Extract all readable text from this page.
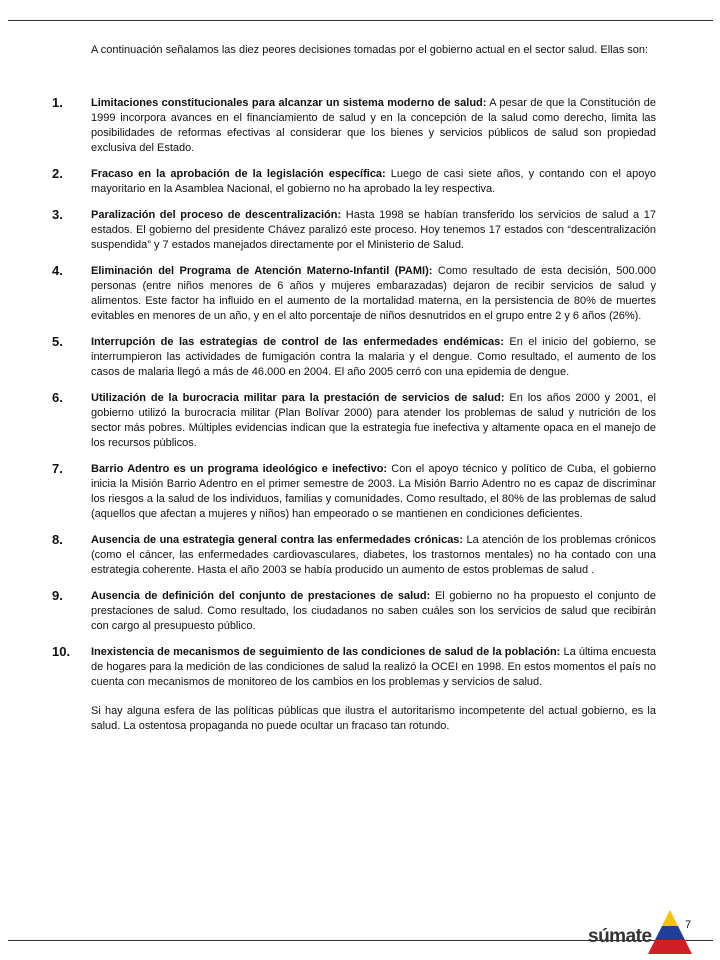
A continuación señalamos las diez peores decisiones tomadas por el gobierno actual en el sector salud. Ellas son:

1.	Limitaciones constitucionales para alcanzar un sistema moderno de salud: A pesar de que la Constitución de 1999 incorpora avances en el financiamiento de salud y en la concepción de la salud como derecho, limita las posibilidades de reformas efectivas al considerar que los bienes y servicios públicos de salud son propiedad exclusiva del Estado.

2.	Fracaso en la aprobación de la legislación específica: Luego de casi siete años, y contando con el apoyo mayoritario en la Asamblea Nacional, el gobierno no ha aprobado la ley respectiva.

3.	Paralización del proceso de descentralización: Hasta 1998 se habían transferido los servicios de salud a 17 estados. El gobierno del presidente Chávez paralizó este proceso. Hoy tenemos 17 estados con “descentralización suspendida” y 7 estados manejados directamente por el Ministerio de Salud.

4.	Eliminación del Programa de Atención Materno-Infantil (PAMI): Como resultado de esta decisión, 500.000 personas (entre niños menores de 6 años y mujeres embarazadas) dejaron de recibir servicios de salud y alimentos. Este factor ha influido en el aumento de la mortalidad materna, en la persistencia de 80% de muertes evitables en menores de un año, y en el alto porcentaje de niños desnutridos en el grupo entre 2 y 6 años (26%).

5.	Interrupción de las estrategias de control de las enfermedades endémicas: En el inicio del gobierno, se interrumpieron las actividades de fumigación contra la malaria y el dengue. Como resultado, el aumento de los casos de malaria llegó a más de 46.000 en 2004. El año 2005 cerró con una epidemia de dengue.

6.	Utilización de la burocracia militar para la prestación de servicios de salud: En los años 2000 y 2001, el gobierno utilizó la burocracia militar (Plan Bolívar 2000) para atender los problemas de salud y nutrición de los sector más pobres. Múltiples evidencias indican que la estrategia fue inefectiva y altamente opaca en el manejo de los recursos públicos.

7.	Barrio Adentro es un programa ideológico e inefectivo: Con el apoyo técnico y político de Cuba, el gobierno inicia la Misión Barrio Adentro en el primer semestre de 2003. La Misión Barrio Adentro no es capaz de discriminar los riesgos a la salud de los individuos, familias y comunidades. Como resultado, el 80% de las problemas de salud (aquellos que afectan a mujeres y niños) han empeorado o se mantienen en condiciones deficientes.

8.	Ausencia de una estrategia general contra las enfermedades crónicas: La atención de los problemas crónicos (como el cáncer, las enfermedades cardiovasculares, diabetes, los trastornos mentales) no ha contado con una estrategia coherente. Hasta el año 2003 se había producido un aumento de estos problemas de salud .

9.	Ausencia de definición del conjunto de prestaciones de salud: El gobierno no ha propuesto el conjunto de prestaciones de salud. Como resultado, los ciudadanos no saben cuáles son los servicios de salud que recibirán con cargo al presupuesto público.

10. Inexistencia de mecanismos de seguimiento de las condiciones de salud de la población: La última encuesta de hogares para la medición de las condiciones de salud la realizó la OCEI en 1998. En estos momentos el país no cuenta con mecanismos de monitoreo de los cambios en los problemas y servicios de salud.

Si hay alguna esfera de las políticas públicas que ilustra el autoritarismo incompetente del actual gobierno, es la salud. La ostentosa propaganda no puede ocultar un fracaso tan rotundo.

súmate
7
